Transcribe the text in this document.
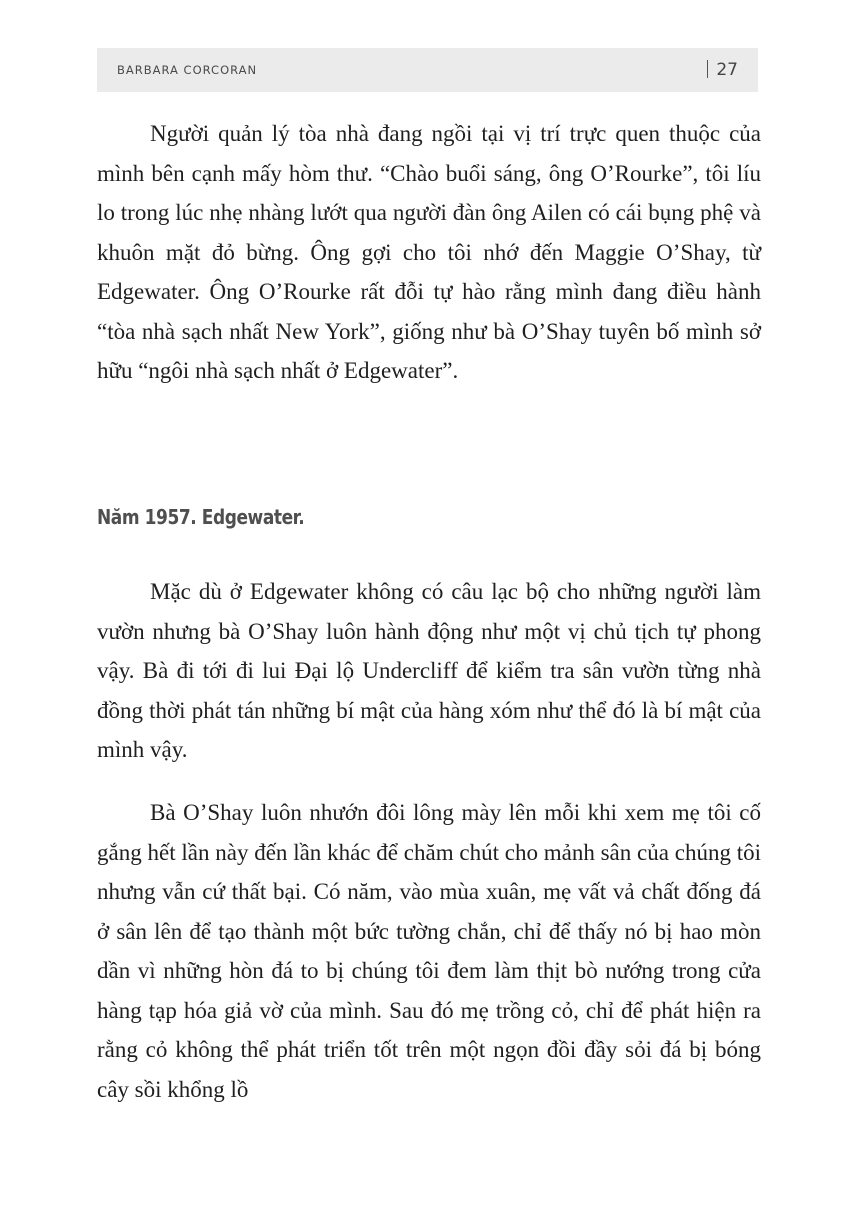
BARBARA CORCORAN	27

Người quản lý tòa nhà đang ngồi tại vị trí trực quen thuộc của mình bên cạnh mấy hòm thư. “Chào buổi sáng, ông O’Rourke”, tôi líu lo trong lúc nhẹ nhàng lướt qua người đàn ông Ailen có cái bụng phệ và khuôn mặt đỏ bừng. Ông gợi cho tôi nhớ đến Maggie O’Shay, từ Edgewater. Ông O’Rourke rất đỗi tự hào rằng mình đang điều hành “tòa nhà sạch nhất New York”, giống như bà O’Shay tuyên bố mình sở hữu “ngôi nhà sạch nhất ở Edgewater”.

Năm 1957. Edgewater.

Mặc dù ở Edgewater không có câu lạc bộ cho những người làm vườn nhưng bà O’Shay luôn hành động như một vị chủ tịch tự phong vậy. Bà đi tới đi lui Đại lộ Undercliff để kiểm tra sân vườn từng nhà đồng thời phát tán những bí mật của hàng xóm như thể đó là bí mật của mình vậy.

Bà O’Shay luôn nhướn đôi lông mày lên mỗi khi xem mẹ tôi cố gắng hết lần này đến lần khác để chăm chút cho mảnh sân của chúng tôi nhưng vẫn cứ thất bại. Có năm, vào mùa xuân, mẹ vất vả chất đống đá ở sân lên để tạo thành một bức tường chắn, chỉ để thấy nó bị hao mòn dần vì những hòn đá to bị chúng tôi đem làm thịt bò nướng trong cửa hàng tạp hóa giả vờ của mình. Sau đó mẹ trồng cỏ, chỉ để phát hiện ra rằng cỏ không thể phát triển tốt trên một ngọn đồi đầy sỏi đá bị bóng cây sồi khổng lồ
